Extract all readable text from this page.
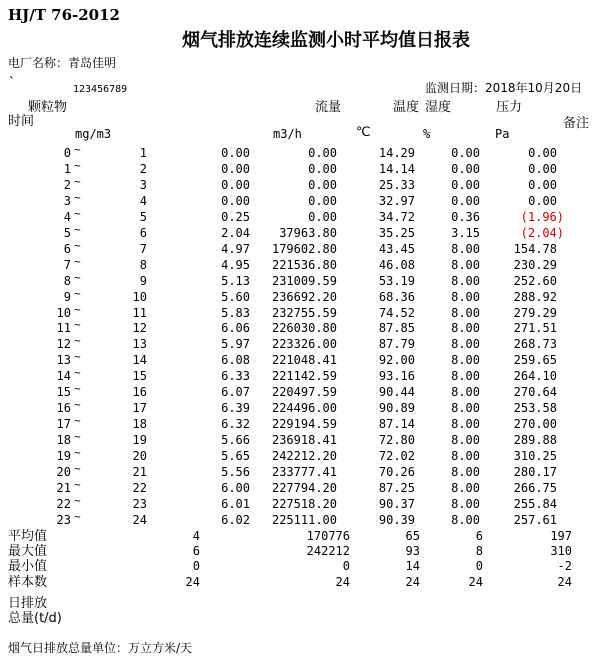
HJ/T 76-2012
烟气排放连续监测小时平均值日报表
电厂名称：青岛佳明
`	123456789	监测日期：2018年10月20日
颗粒物	流量	温度 湿度	压力
时间	备注
mg/m3	m3/h	℃	%	Pa
0	~	1	0.00	0.00	14.29	0.00	0.00
1	~	2	0.00	0.00	14.14	0.00	0.00
2	~	3	0.00	0.00	25.33	0.00	0.00
3	~	4	0.00	0.00	32.97	0.00	0.00
4	~	5	0.25	0.00	34.72	0.36	(1.96)
5	~	6	2.04	37963.80	35.25	3.15	(2.04)
6	~	7	4.97	179602.80	43.45	8.00	154.78
7	~	8	4.95	221536.80	46.08	8.00	230.29
8	~	9	5.13	231009.59	53.19	8.00	252.60
9	~	10	5.60	236692.20	68.36	8.00	288.92
10	~	11	5.83	232755.59	74.52	8.00	279.29
11	~	12	6.06	226030.80	87.85	8.00	271.51
12	~	13	5.97	223326.00	87.79	8.00	268.73
13	~	14	6.08	221048.41	92.00	8.00	259.65
14	~	15	6.33	221142.59	93.16	8.00	264.10
15	~	16	6.07	220497.59	90.44	8.00	270.64
16	~	17	6.39	224496.00	90.89	8.00	253.58
17	~	18	6.32	229194.59	87.14	8.00	270.00
18	~	19	5.66	236918.41	72.80	8.00	289.88
19	~	20	5.65	242212.20	72.02	8.00	310.25
20	~	21	5.56	233777.41	70.26	8.00	280.17
21	~	22	6.00	227794.20	87.25	8.00	266.75
22	~	23	6.01	227518.20	90.37	8.00	255.84
23	~	24	6.02	225111.00	90.39	8.00	257.61
平均值	4	170776	65	6	197
最大值	6	242212	93	8	310
最小值	0	0	14	0	-2
样本数	24	24	24	24	24
日排放
总量(t/d)
烟气日排放总量单位：万立方米/天
